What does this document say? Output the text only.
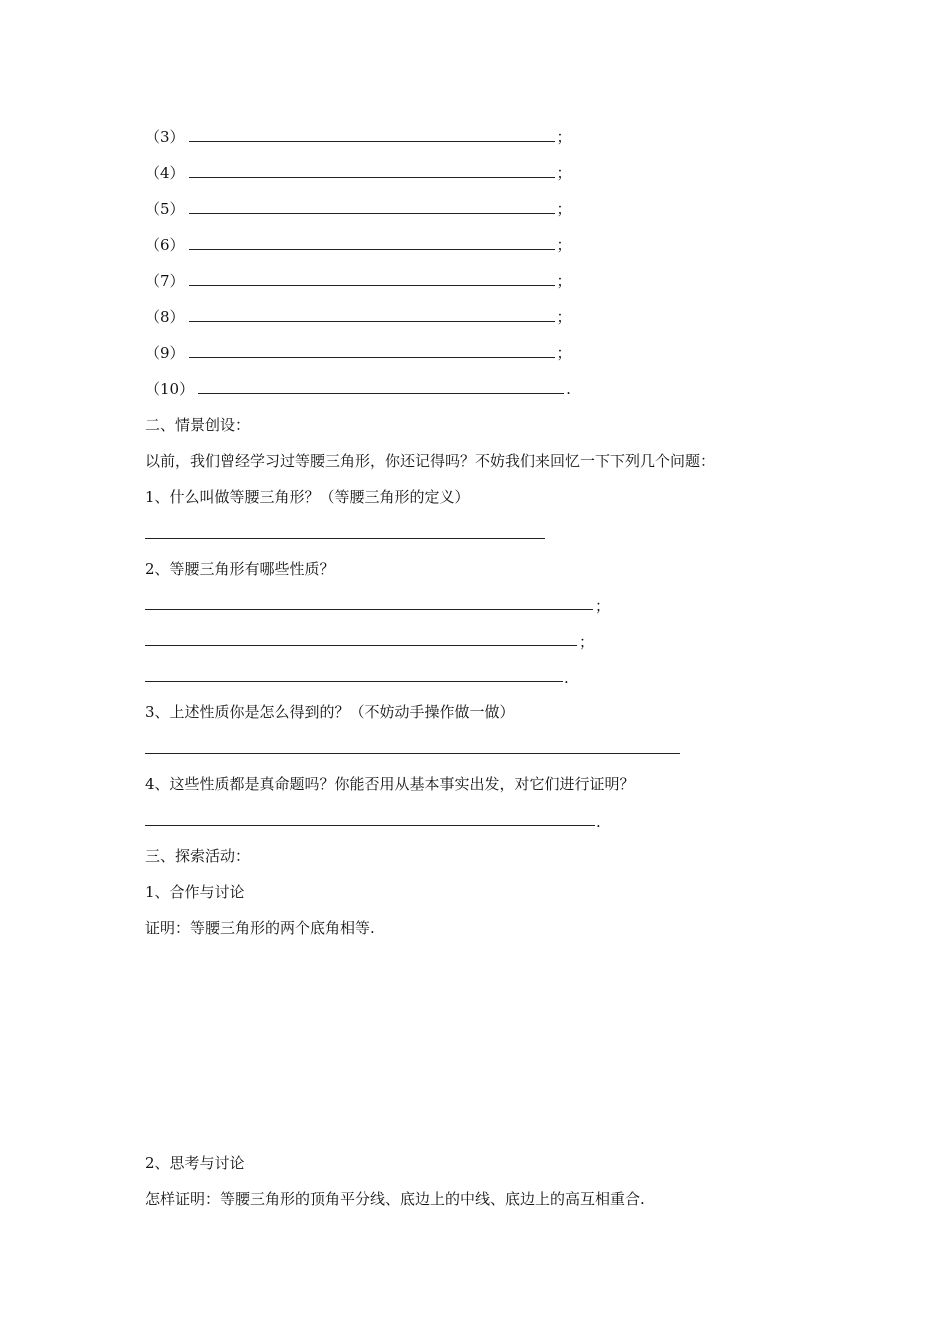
（3）	；
（4）	；
（5）	；
（6）	；
（7）	；
（8）	；
（9）	；
（10）	.
二、情景创设：
以前，我们曾经学习过等腰三角形，你还记得吗？不妨我们来回忆一下下列几个问题：
1、什么叫做等腰三角形？（等腰三角形的定义）
2、等腰三角形有哪些性质？
；
；
.
3、上述性质你是怎么得到的？（不妨动手操作做一做）
4、这些性质都是真命题吗？你能否用从基本事实出发，对它们进行证明？
.
三、探索活动：
1、合作与讨论
证明：等腰三角形的两个底角相等.
2、思考与讨论
怎样证明：等腰三角形的顶角平分线、底边上的中线、底边上的高互相重合.
